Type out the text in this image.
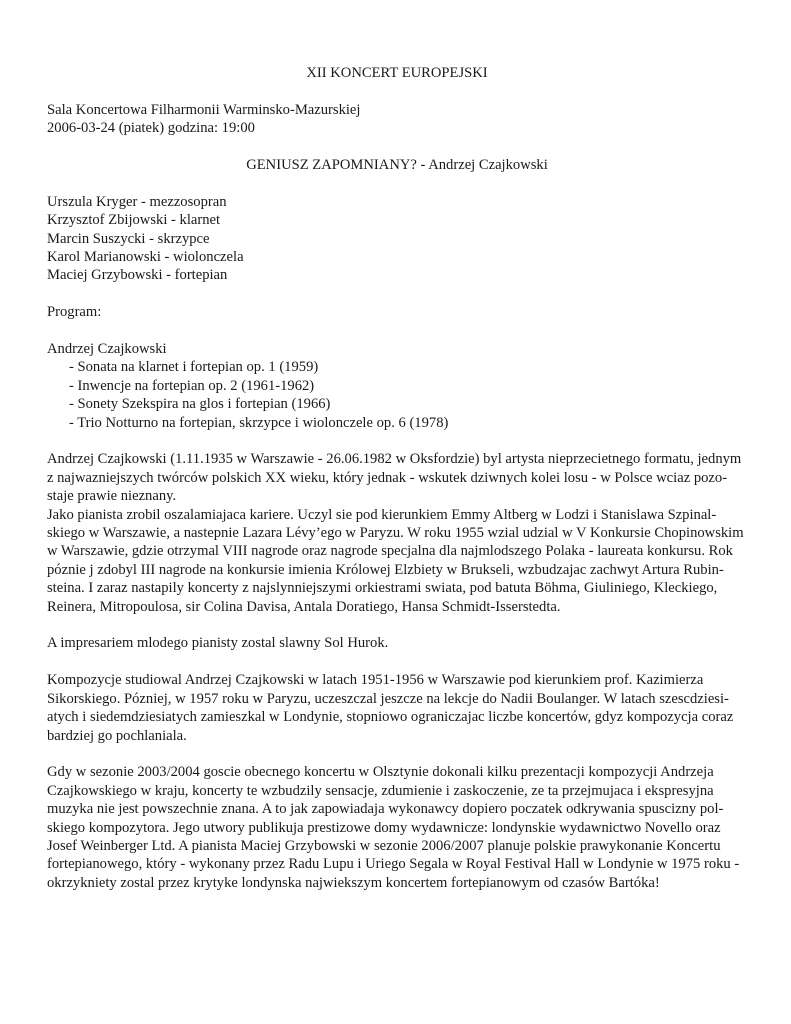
XII KONCERT EUROPEJSKI
Sala Koncertowa Filharmonii Warminsko-Mazurskiej
2006-03-24 (piatek) godzina: 19:00
GENIUSZ ZAPOMNIANY? - Andrzej Czajkowski
Urszula Kryger - mezzosopran
Krzysztof Zbijowski - klarnet
Marcin Suszycki - skrzypce
Karol Marianowski - wiolonczela
Maciej Grzybowski - fortepian
Program:
Andrzej Czajkowski
- Sonata na klarnet i fortepian op. 1 (1959)
- Inwencje na fortepian op. 2 (1961-1962)
- Sonety Szekspira na glos i fortepian (1966)
- Trio Notturno na fortepian, skrzypce i wiolonczele op. 6 (1978)
Andrzej Czajkowski (1.11.1935 w Warszawie - 26.06.1982 w Oksfordzie) byl artysta nieprzecietnego formatu, jednym
z najwazniejszych twórców polskich XX wieku, który jednak - wskutek dziwnych kolei losu - w Polsce wciaz pozo-
staje prawie nieznany.
Jako pianista zrobil oszalamiajaca kariere. Uczyl sie pod kierunkiem Emmy Altberg w Lodzi i Stanislawa Szpinal-
skiego w Warszawie, a nastepnie Lazara Lévy’ego w Paryzu. W roku 1955 wzial udzial w V Konkursie Chopinowskim
w Warszawie, gdzie otrzymal VIII nagrode oraz nagrode specjalna dla najmlodszego Polaka - laureata konkursu. Rok
póznie j zdobyl III nagrode na konkursie imienia Królowej Elzbiety w Brukseli, wzbudzajac zachwyt Artura Rubin-
steina. I zaraz nastapily koncerty z najslynniejszymi orkiestrami swiata, pod batuta Böhma, Giuliniego, Kleckiego,
Reinera, Mitropoulosa, sir Colina Davisa, Antala Doratiego, Hansa Schmidt-Isserstedta.
A impresariem mlodego pianisty zostal slawny Sol Hurok.
Kompozycje studiowal Andrzej Czajkowski w latach 1951-1956 w Warszawie pod kierunkiem prof. Kazimierza
Sikorskiego. Pózniej, w 1957 roku w Paryzu, uczeszczal jeszcze na lekcje do Nadii Boulanger. W latach szescdziesi-
atych i siedemdziesiatych zamieszkal w Londynie, stopniowo ograniczajac liczbe koncertów, gdyz kompozycja coraz
bardziej go pochlaniala.
Gdy w sezonie 2003/2004 goscie obecnego koncertu w Olsztynie dokonali kilku prezentacji kompozycji Andrzeja
Czajkowskiego w kraju, koncerty te wzbudzily sensacje, zdumienie i zaskoczenie, ze ta przejmujaca i ekspresyjna
muzyka nie jest powszechnie znana. A to jak zapowiadaja wykonawcy dopiero poczatek odkrywania spuscizny pol-
skiego kompozytora. Jego utwory publikuja prestizowe domy wydawnicze: londynskie wydawnictwo Novello oraz
Josef Weinberger Ltd. A pianista Maciej Grzybowski w sezonie 2006/2007 planuje polskie prawykonanie Koncertu
fortepianowego, który - wykonany przez Radu Lupu i Uriego Segala w Royal Festival Hall w Londynie w 1975 roku -
okrzykniety zostal przez krytyke londynska najwiekszym koncertem fortepianowym od czasów Bartóka!
